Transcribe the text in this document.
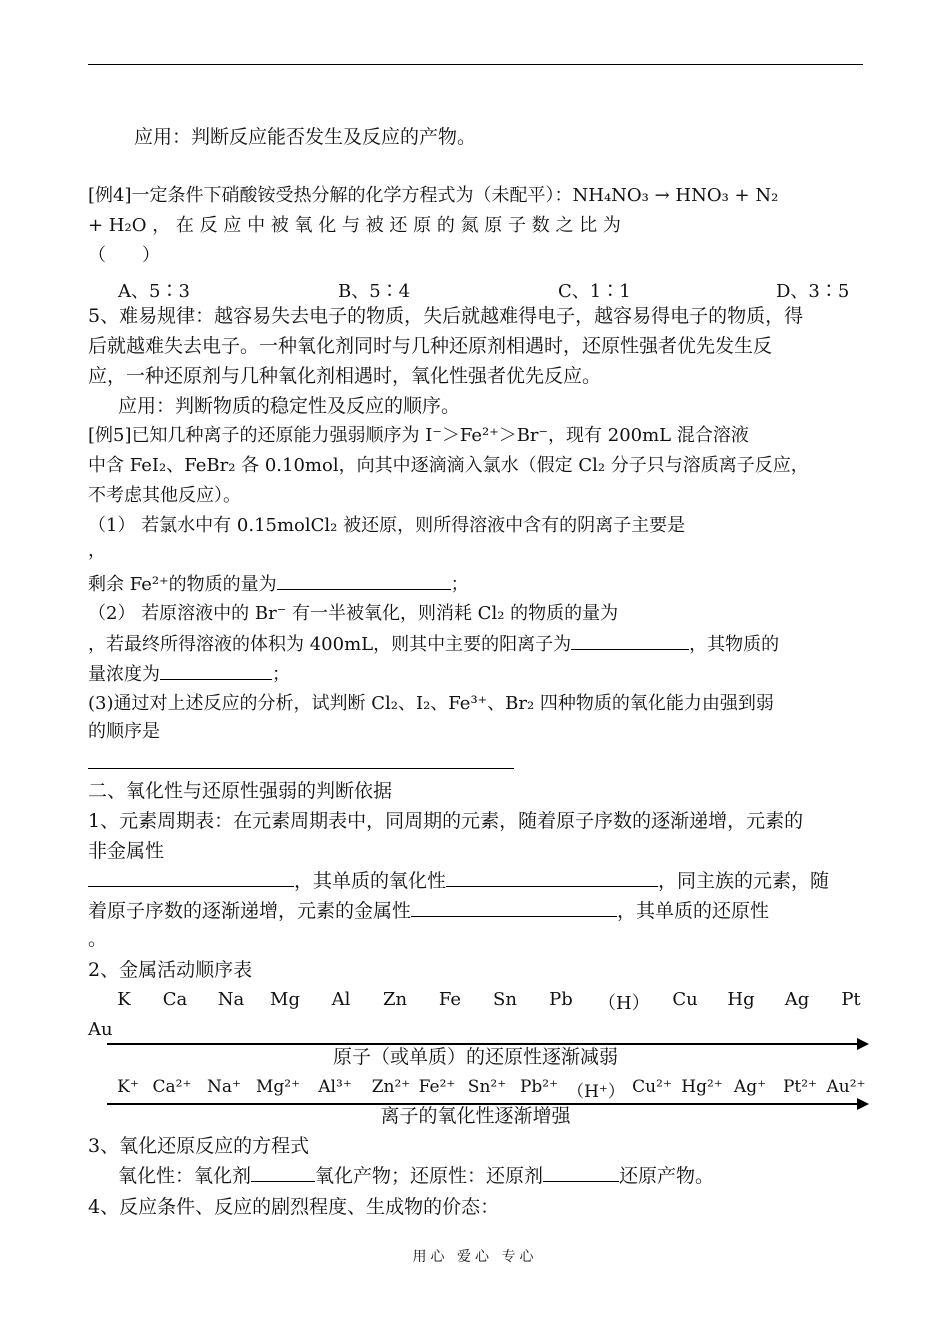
应用：判断反应能否发生及反应的产物。
[例4]一定条件下硝酸铵受热分解的化学方程式为（未配平）：NH₄NO₃ → HNO₃ + N₂
+ H₂O ， 在 反 应 中 被 氧 化 与 被 还 原 的 氮 原 子 数 之 比 为
（　　）
A、5∶3	B、5∶4	C、1∶1	D、3∶5
5、难易规律：越容易失去电子的物质，失后就越难得电子，越容易得电子的物质，得
后就越难失去电子。一种氧化剂同时与几种还原剂相遇时，还原性强者优先发生反
应，一种还原剂与几种氧化剂相遇时，氧化性强者优先反应。
应用：判断物质的稳定性及反应的顺序。
[例5]已知几种离子的还原能力强弱顺序为 I⁻＞Fe²⁺＞Br⁻，现有 200mL 混合溶液
中含 FeI₂、FeBr₂ 各 0.10mol，向其中逐滴滴入氯水（假定 Cl₂ 分子只与溶质离子反应，
不考虑其他反应）。
（1） 若氯水中有 0.15molCl₂ 被还原，则所得溶液中含有的阴离子主要是
，
剩余 Fe²⁺的物质的量为	；
（2） 若原溶液中的 Br⁻ 有一半被氧化，则消耗 Cl₂ 的物质的量为
，若最终所得溶液的体积为 400mL，则其中主要的阳离子为	，其物质的
量浓度为	；
(3)通过对上述反应的分析，试判断 Cl₂、I₂、Fe³⁺、Br₂ 四种物质的氧化能力由强到弱
的顺序是
二、氧化性与还原性强弱的判断依据
1、元素周期表：在元素周期表中，同周期的元素，随着原子序数的逐渐递增，元素的
非金属性
，其单质的氧化性	，同主族的元素，随
着原子序数的逐渐递增，元素的金属性	，其单质的还原性
。
2、金属活动顺序表
K Ca Na Mg	Al	Zn Fe Sn Pb （H） Cu Hg Ag Pt
Au
原子（或单质）的还原性逐渐减弱
K⁺ Ca²⁺ Na⁺ Mg²⁺ Al³⁺ Zn²⁺ Fe²⁺ Sn²⁺ Pb²⁺ （H⁺） Cu²⁺ Hg²⁺ Ag⁺ Pt²⁺ Au²⁺
离子的氧化性逐渐增强
3、氧化还原反应的方程式
氧化性：氧化剂	氧化产物；还原性：还原剂	还原产物。
4、反应条件、反应的剧烈程度、生成物的价态：
用心 爱心 专心
